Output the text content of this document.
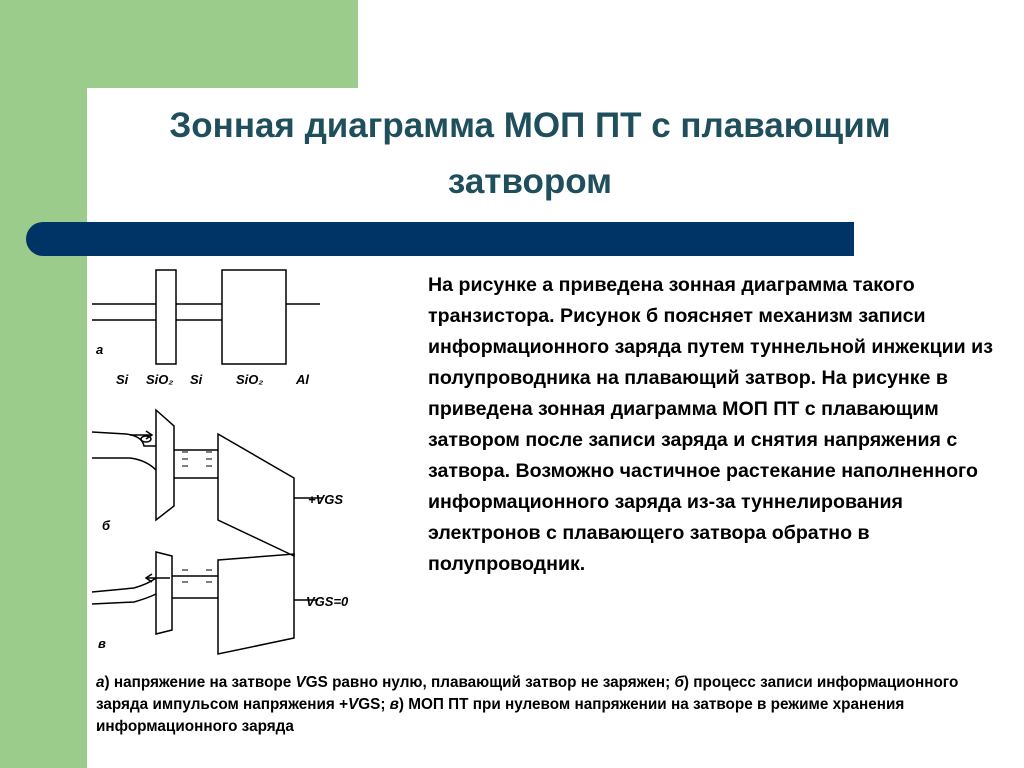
Зонная диаграмма МОП ПТ с плавающим
затвором
а
Si SiO₂ Si	SiO₂	Al
б
+VGS
в
VGS=0

На рисунке а приведена зонная диаграмма такого транзистора. Рисунок б поясняет механизм записи информационного заряда путем туннельной инжекции из полупроводника на плавающий затвор. На рисунке в приведена зонная диаграмма МОП ПТ с плавающим затвором после записи заряда и снятия напряжения с затвора. Возможно частичное растекание наполненного информационного заряда из-за туннелирования электронов с плавающего затвора обратно в полупроводник.

а) напряжение на затворе VGS равно нулю, плавающий затвор не заряжен; б) процесс записи информационного заряда импульсом напряжения +VGS; в) МОП ПТ при нулевом напряжении на затворе в режиме хранения информационного заряда
